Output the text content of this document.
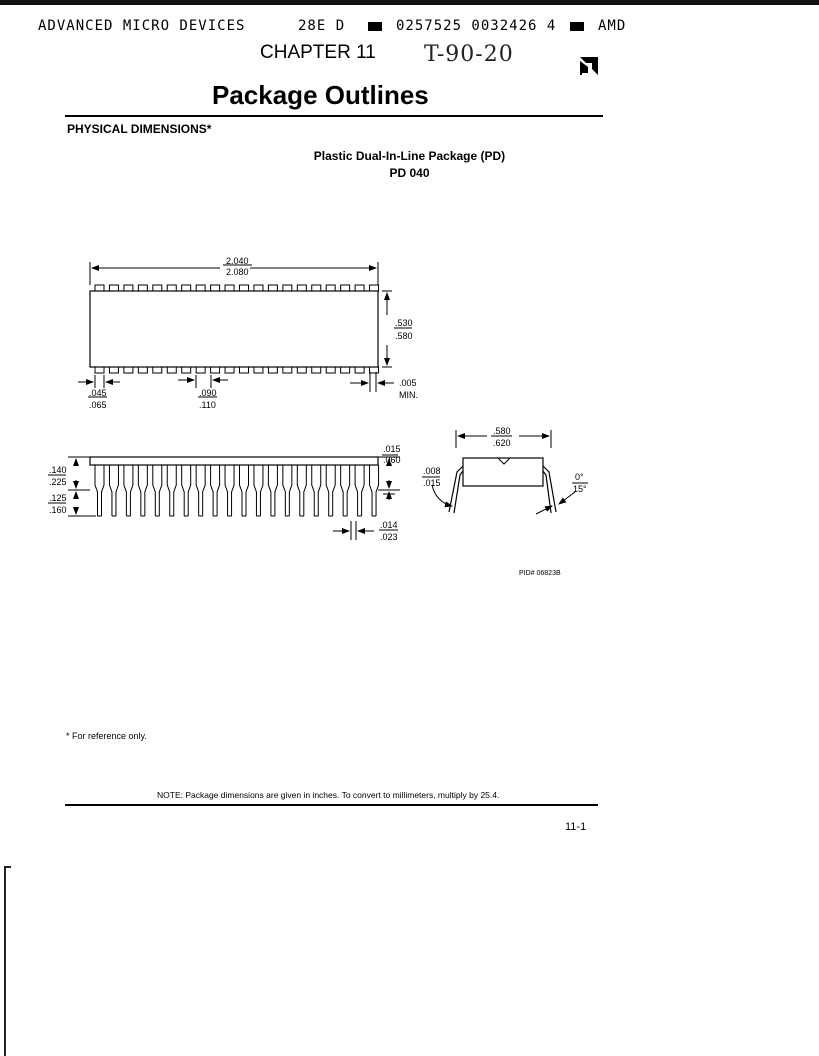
ADVANCED MICRO DEVICES	28E D	0257525 0032426 4	AMD
CHAPTER 11 T-90-20
Package Outlines
PHYSICAL DIMENSIONS*
Plastic Dual-In-Line Package (PD)
PD 040
2.040
2.080
.530
.580
.045
.065
.090
.110
.005
MIN.
.140
.225
.125
.160
.015
.060
.014
.023
.580
.620
.008
.015
0°
15°
PID# 06823B
* For reference only.
NOTE: Package dimensions are given in inches. To convert to millimeters, multiply by 25.4.
11-1
